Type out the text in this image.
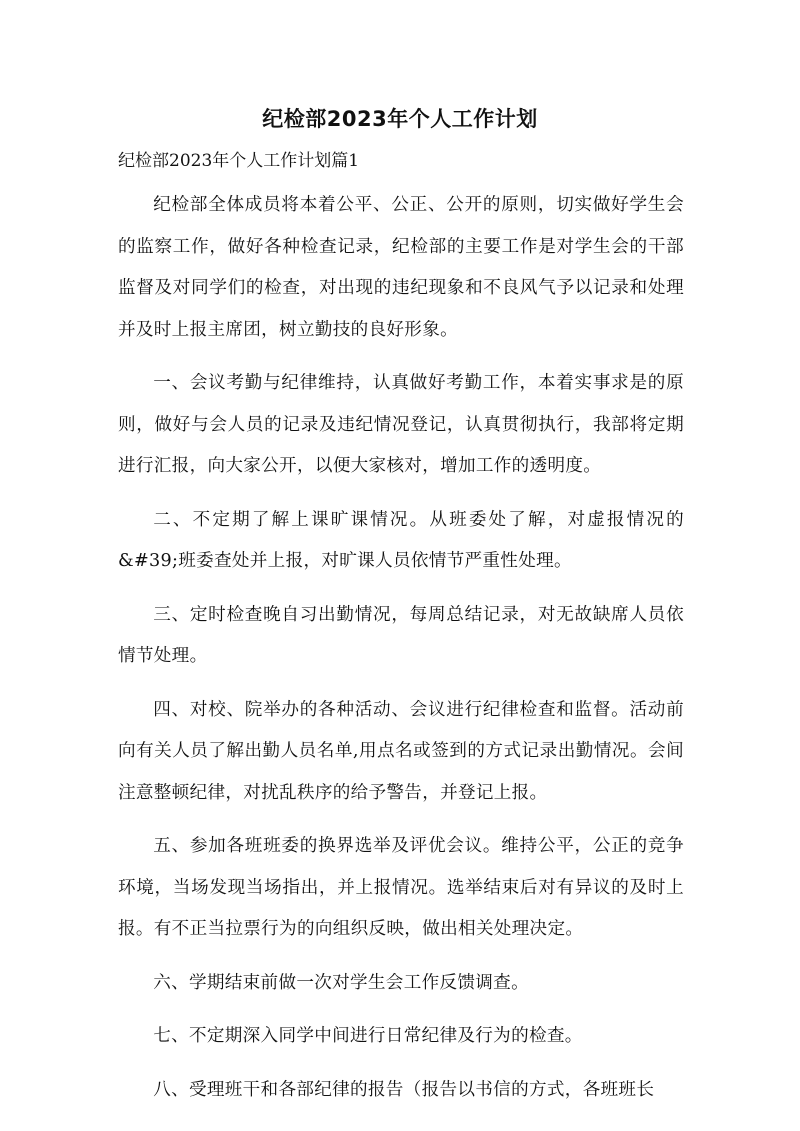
纪检部2023年个人工作计划
纪检部2023年个人工作计划篇1

纪检部全体成员将本着公平、公正、公开的原则，切实做好学生会的监察工作，做好各种检查记录，纪检部的主要工作是对学生会的干部监督及对同学们的检查，对出现的违纪现象和不良风气予以记录和处理并及时上报主席团，树立勤技的良好形象。

一、会议考勤与纪律维持，认真做好考勤工作，本着实事求是的原则，做好与会人员的记录及违纪情况登记，认真贯彻执行，我部将定期进行汇报，向大家公开，以便大家核对，增加工作的透明度。

二、不定期了解上课旷课情况。从班委处了解，对虚报情况的&#39;班委查处并上报，对旷课人员依情节严重性处理。

三、定时检查晚自习出勤情况，每周总结记录，对无故缺席人员依情节处理。

四、对校、院举办的各种活动、会议进行纪律检查和监督。活动前向有关人员了解出勤人员名单,用点名或签到的方式记录出勤情况。会间注意整顿纪律，对扰乱秩序的给予警告，并登记上报。

五、参加各班班委的换界选举及评优会议。维持公平，公正的竞争环境，当场发现当场指出，并上报情况。选举结束后对有异议的及时上报。有不正当拉票行为的向组织反映，做出相关处理决定。

六、学期结束前做一次对学生会工作反馈调查。

七、不定期深入同学中间进行日常纪律及行为的检查。

八、受理班干和各部纪律的报告（报告以书信的方式，各班班长
